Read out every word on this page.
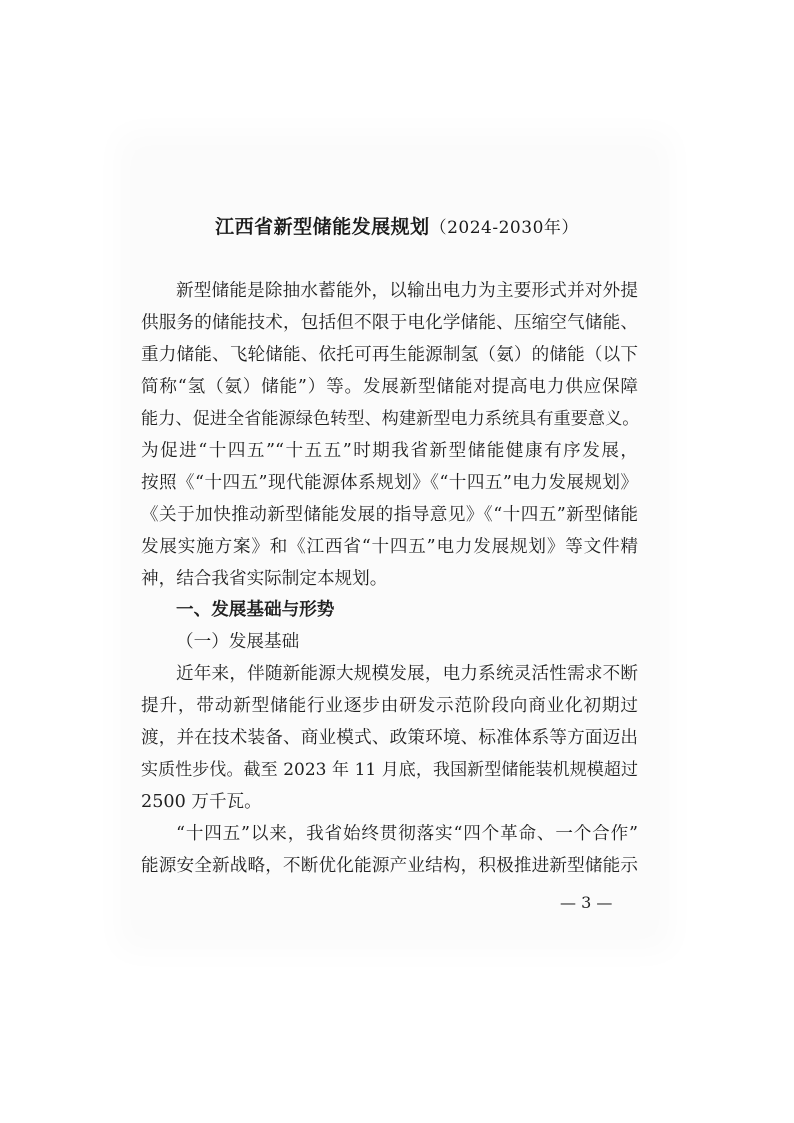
江西省新型储能发展规划（2024-2030年）
新型储能是除抽水蓄能外，以输出电力为主要形式并对外提
供服务的储能技术，包括但不限于电化学储能、压缩空气储能、
重力储能、飞轮储能、依托可再生能源制氢（氨）的储能（以下
简称“氢（氨）储能”）等。发展新型储能对提高电力供应保障
能力、促进全省能源绿色转型、构建新型电力系统具有重要意义。
为促进“十四五”“十五五”时期我省新型储能健康有序发展，
按照《“十四五”现代能源体系规划》《“十四五”电力发展规划》
《关于加快推动新型储能发展的指导意见》《“十四五”新型储能
发展实施方案》和《江西省“十四五”电力发展规划》等文件精
神，结合我省实际制定本规划。
一、发展基础与形势
（一）发展基础
近年来，伴随新能源大规模发展，电力系统灵活性需求不断
提升，带动新型储能行业逐步由研发示范阶段向商业化初期过
渡，并在技术装备、商业模式、政策环境、标准体系等方面迈出
实质性步伐。截至 2023 年 11 月底，我国新型储能装机规模超过
2500 万千瓦。
“十四五”以来，我省始终贯彻落实“四个革命、一个合作”
能源安全新战略，不断优化能源产业结构，积极推进新型储能示
— 3 —
